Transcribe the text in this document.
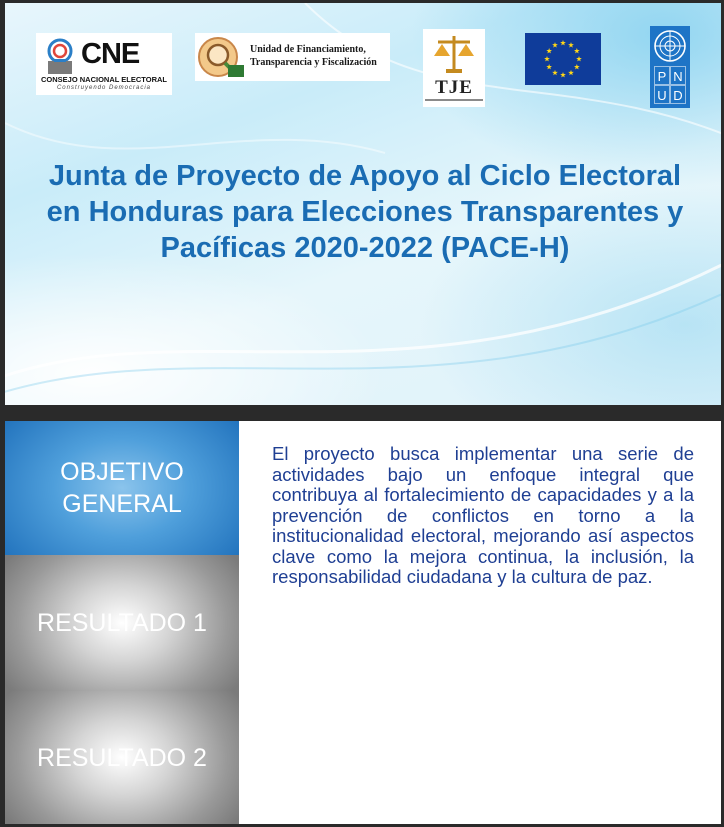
CNE
CONSEJO NACIONAL ELECTORAL
Construyendo Democracia
Unidad de Financiamiento,
Transparencia y Fiscalización
TJE
P N
U D
Junta de Proyecto de Apoyo al Ciclo Electoral en Honduras para Elecciones Transparentes y Pacíficas 2020-2022 (PACE-H)
OBJETIVO GENERAL
RESULTADO 1
RESULTADO 2

El proyecto busca implementar una serie de actividades bajo un enfoque integral que contribuya al fortalecimiento de capacidades y a la prevención de conflictos en torno a la institucionalidad electoral, mejorando así aspectos clave como la mejora continua, la inclusión, la responsabilidad ciudadana y la cultura de paz.
